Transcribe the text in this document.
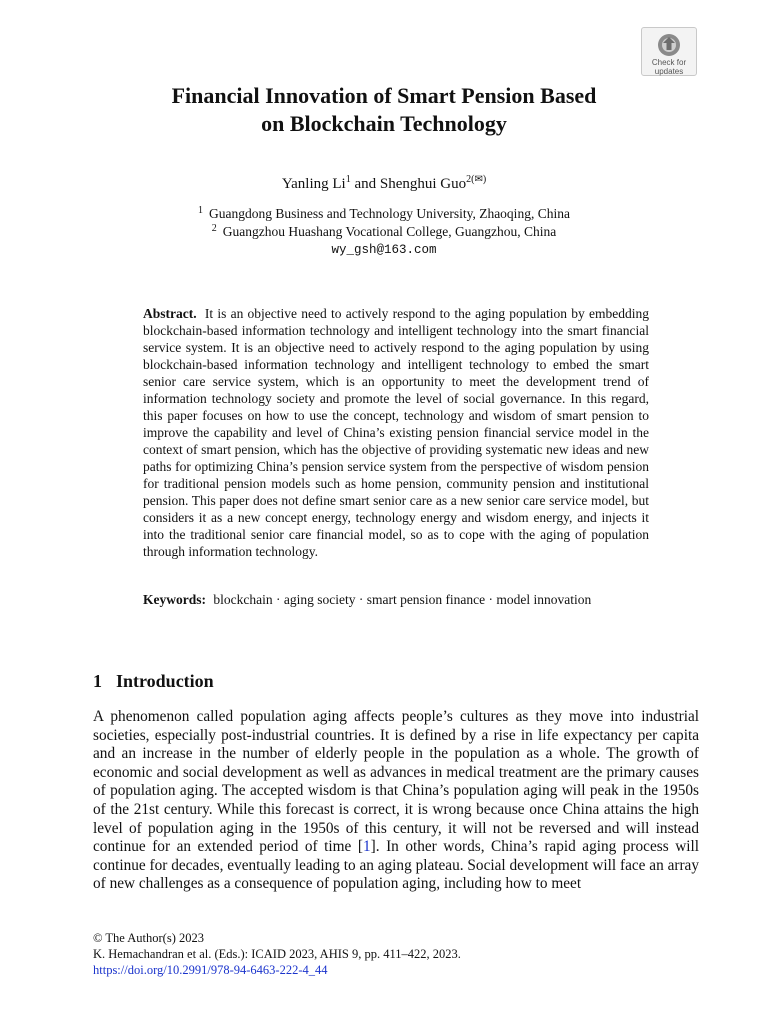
Check for
updates
Financial Innovation of Smart Pension Based
on Blockchain Technology
Yanling Li$^1$ and Shenghui Guo$^{2(✉)}$
$^1$ Guangdong Business and Technology University, Zhaoqing, China
$^2$ Guangzhou Huashang Vocational College, Guangzhou, China
wy_gsh@163.com

Abstract. It is an objective need to actively respond to the aging population by embedding blockchain-based information technology and intelligent technology into the smart financial service system. It is an objective need to actively respond to the aging population by using blockchain-based information technology and intelligent technology to embed the smart senior care service system, which is an opportunity to meet the development trend of information technology society and promote the level of social governance. In this regard, this paper focuses on how to use the concept, technology and wisdom of smart pension to improve the capability and level of China’s existing pension financial service model in the context of smart pension, which has the objective of providing systematic new ideas and new paths for optimizing China’s pension service system from the perspective of wisdom pension for traditional pension models such as home pension, community pension and institutional pension. This paper does not define smart senior care as a new senior care service model, but considers it as a new concept energy, technology energy and wisdom energy, and injects it into the traditional senior care financial model, so as to cope with the aging of population through information technology.

Keywords: blockchain · aging society · smart pension finance · model innovation

1 Introduction

A phenomenon called population aging affects people’s cultures as they move into industrial societies, especially post-industrial countries. It is defined by a rise in life expectancy per capita and an increase in the number of elderly people in the population as a whole. The growth of economic and social development as well as advances in medical treatment are the primary causes of population aging. The accepted wisdom is that China’s population aging will peak in the 1950s of the 21st century. While this forecast is correct, it is wrong because once China attains the high level of population aging in the 1950s of this century, it will not be reversed and will instead continue for an extended period of time [1]. In other words, China’s rapid aging process will continue for decades, eventually leading to an aging plateau. Social development will face an array of new challenges as a consequence of population aging, including how to meet

© The Author(s) 2023
K. Hemachandran et al. (Eds.): ICAID 2023, AHIS 9, pp. 411–422, 2023.
https://doi.org/10.2991/978-94-6463-222-4_44
